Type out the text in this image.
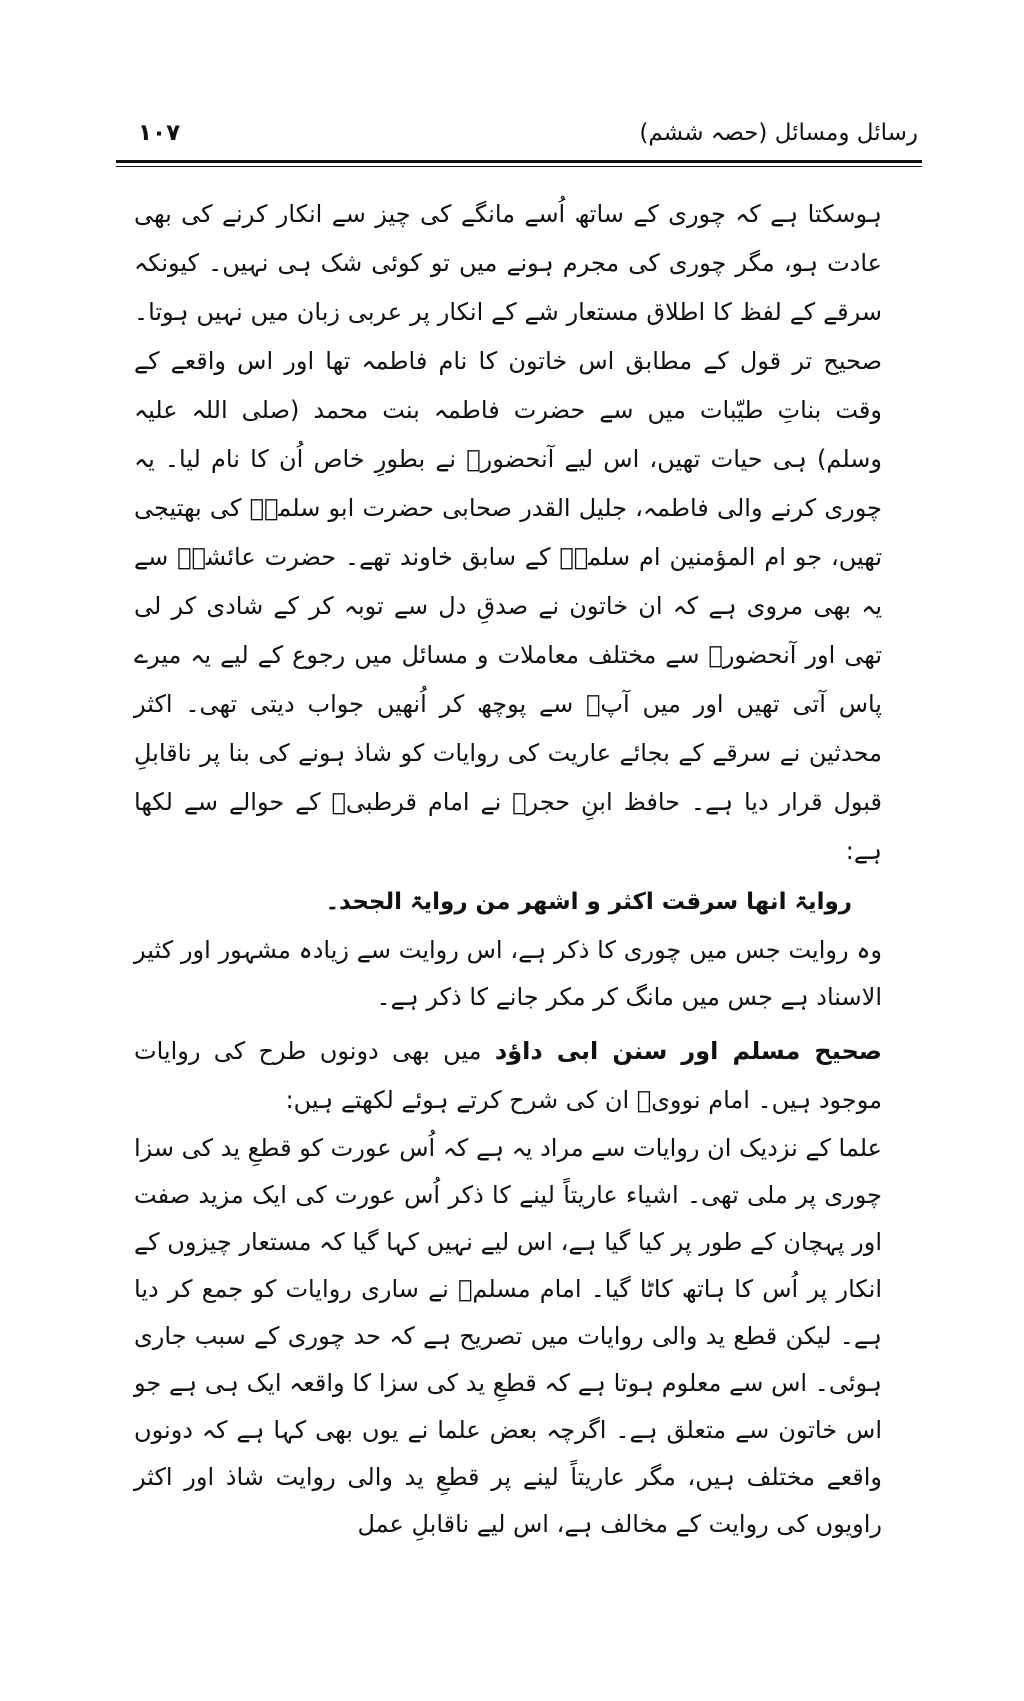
رسائل ومسائل (حصہ ششم)
١٠٧

ہوسکتا ہے کہ چوری کے ساتھ اُسے مانگے کی چیز سے انکار کرنے کی بھی عادت ہو، مگر چوری کی مجرم ہونے میں تو کوئی شک ہی نہیں۔ کیونکہ سرقے کے لفظ کا اطلاق مستعار شے کے انکار پر عربی زبان میں نہیں ہوتا۔ صحیح تر قول کے مطابق اس خاتون کا نام فاطمہ تھا اور اس واقعے کے وقت بناتِ طیّبات میں سے حضرت فاطمہ بنت محمد (صلی اللہ علیہ وسلم) ہی حیات تھیں، اس لیے آنحضورؐ نے بطورِ خاص اُن کا نام لیا۔ یہ چوری کرنے والی فاطمہ، جلیل القدر صحابی حضرت ابو سلمہؓ کی بھتیجی تھیں، جو ام المؤمنین ام سلمہؓ کے سابق خاوند تھے۔ حضرت عائشہؓ سے یہ بھی مروی ہے کہ ان خاتون نے صدقِ دل سے توبہ کر کے شادی کر لی تھی اور آنحضورؐ سے مختلف معاملات و مسائل میں رجوع کے لیے یہ میرے پاس آتی تھیں اور میں آپؐ سے پوچھ کر اُنھیں جواب دیتی تھی۔ اکثر محدثین نے سرقے کے بجائے عاریت کی روایات کو شاذ ہونے کی بنا پر ناقابلِ قبول قرار دیا ہے۔ حافظ ابنِ حجرؒ نے امام قرطبیؒ کے حوالے سے لکھا ہے:

روایۃ انھا سرقت اکثر و اشھر من روایۃ الجحد۔

وہ روایت جس میں چوری کا ذکر ہے، اس روایت سے زیادہ مشہور اور کثیر الاسناد ہے جس میں مانگ کر مکر جانے کا ذکر ہے۔

صحیح مسلم اور سنن ابی داؤد میں بھی دونوں طرح کی روایات موجود ہیں۔ امام نوویؒ ان کی شرح کرتے ہوئے لکھتے ہیں:

علما کے نزدیک ان روایات سے مراد یہ ہے کہ اُس عورت کو قطعِ ید کی سزا چوری پر ملی تھی۔ اشیاء عاریتاً لینے کا ذکر اُس عورت کی ایک مزید صفت اور پہچان کے طور پر کیا گیا ہے، اس لیے نہیں کہا گیا کہ مستعار چیزوں کے انکار پر اُس کا ہاتھ کاٹا گیا۔ امام مسلمؒ نے ساری روایات کو جمع کر دیا ہے۔ لیکن قطع ید والی روایات میں تصریح ہے کہ حد چوری کے سبب جاری ہوئی۔ اس سے معلوم ہوتا ہے کہ قطعِ ید کی سزا کا واقعہ ایک ہی ہے جو اس خاتون سے متعلق ہے۔ اگرچہ بعض علما نے یوں بھی کہا ہے کہ دونوں واقعے مختلف ہیں، مگر عاریتاً لینے پر قطعِ ید والی روایت شاذ اور اکثر راویوں کی روایت کے مخالف ہے، اس لیے ناقابلِ عمل
